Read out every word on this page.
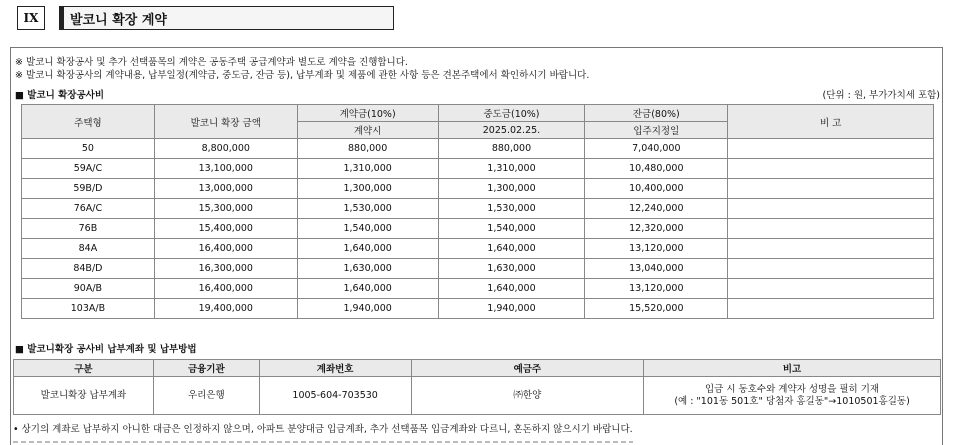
IX	발코니 확장 계약
※ 발코니 확장공사 및 추가 선택품목의 계약은 공동주택 공급계약과 별도로 계약을 진행합니다.
※ 발코니 확장공사의 계약내용, 납부일정(계약금, 중도금, 잔금 등), 납부계좌 및 제품에 관한 사항 등은 견본주택에서 확인하시기 바랍니다.
■ 발코니 확장공사비	(단위 : 원, 부가가치세 포함)
주택형	발코니 확장 금액	계약금(10%)	중도금(10%)	잔금(80%)	비 고
		계약시	2025.02.25.	입주지정일	
50	8,800,000	880,000	880,000	7,040,000	
59A/C	13,100,000	1,310,000	1,310,000	10,480,000	
59B/D	13,000,000	1,300,000	1,300,000	10,400,000	
76A/C	15,300,000	1,530,000	1,530,000	12,240,000	
76B	15,400,000	1,540,000	1,540,000	12,320,000	
84A	16,400,000	1,640,000	1,640,000	13,120,000	
84B/D	16,300,000	1,630,000	1,630,000	13,040,000	
90A/B	16,400,000	1,640,000	1,640,000	13,120,000	
103A/B	19,400,000	1,940,000	1,940,000	15,520,000	
■ 발코니확장 공사비 납부계좌 및 납부방법
구분	금융기관	계좌번호	예금주	비고
발코니확장 납부계좌	우리은행	1005-604-703530	㈜한양	입금 시 동호수와 계약자 성명을 필히 기재
(예 : "101동 501호" 당첨자 홍길동"→1010501홍길동)
• 상기의 계좌로 납부하지 아니한 대금은 인정하지 않으며, 아파트 분양대금 입금계좌, 추가 선택품목 입금계좌와 다르니, 혼돈하지 않으시기 바랍니다.
